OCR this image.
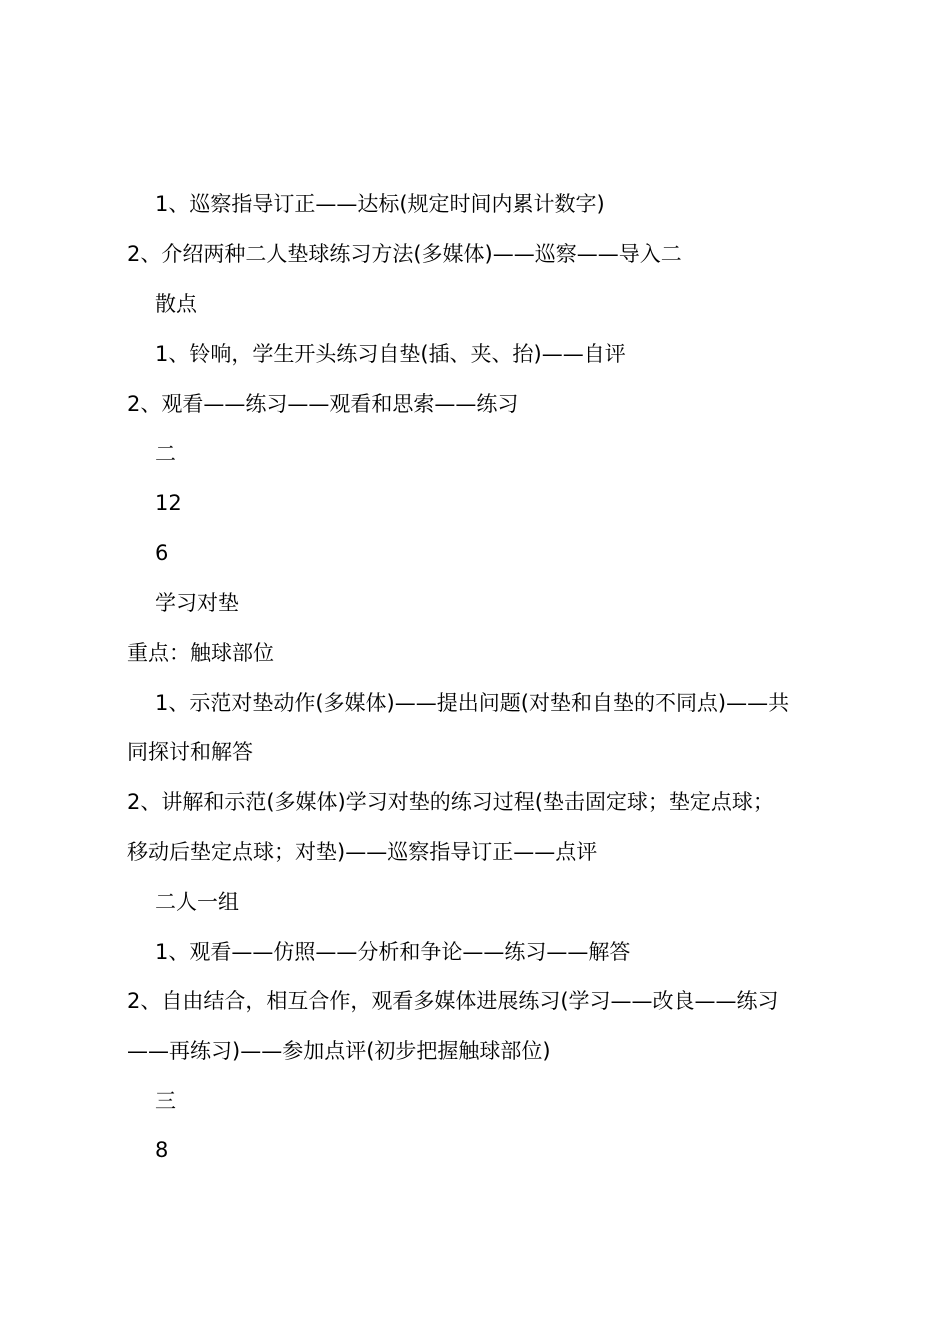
1、巡察指导订正——达标(规定时间内累计数字)
2、介绍两种二人垫球练习方法(多媒体)——巡察——导入二
散点
1、铃响，学生开头练习自垫(插、夹、抬)——自评
2、观看——练习——观看和思索——练习
二
12
6
学习对垫
重点：触球部位
1、示范对垫动作(多媒体)——提出问题(对垫和自垫的不同点)——共
同探讨和解答
2、讲解和示范(多媒体)学习对垫的练习过程(垫击固定球；垫定点球；
移动后垫定点球；对垫)——巡察指导订正——点评
二人一组
1、观看——仿照——分析和争论——练习——解答
2、自由结合，相互合作，观看多媒体进展练习(学习——改良——练习
——再练习)——参加点评(初步把握触球部位)
三
8
